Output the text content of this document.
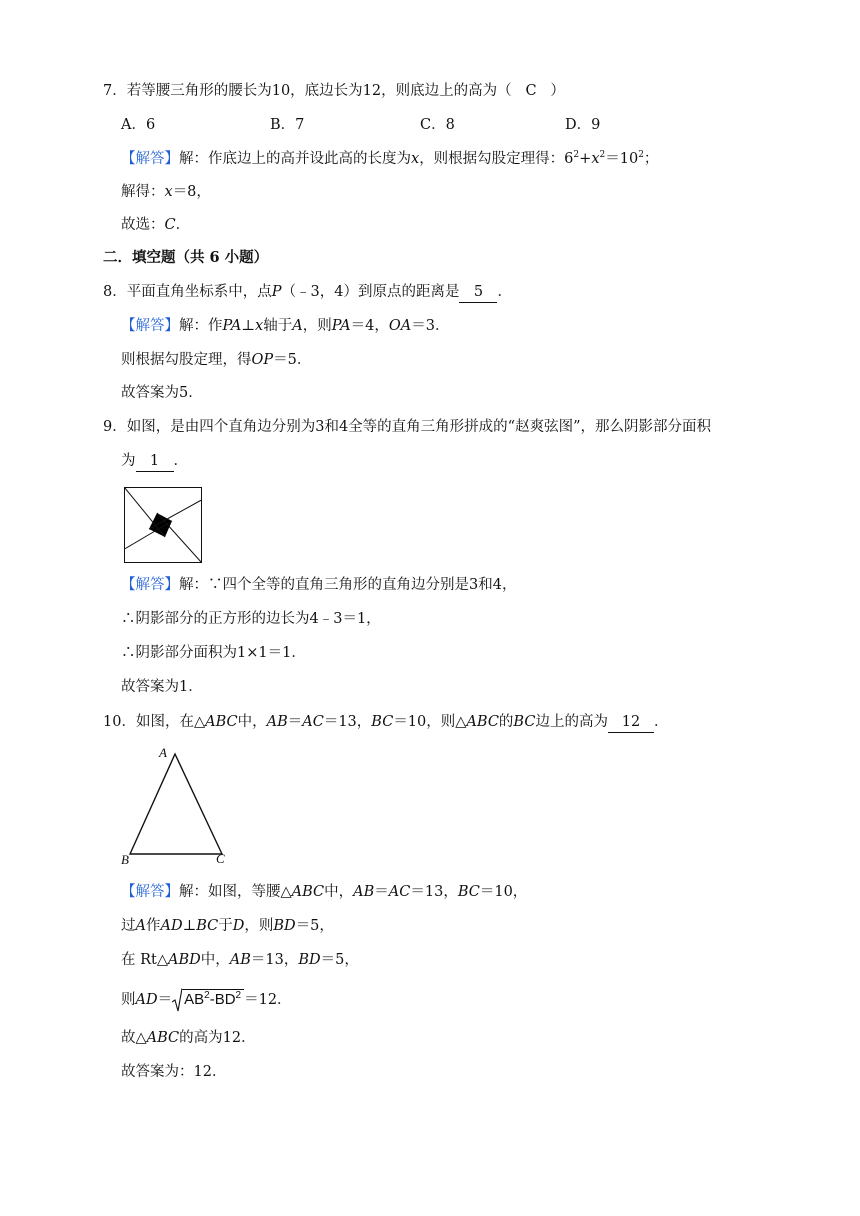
7．若等腰三角形的腰长为10，底边长为12，则底边上的高为（ C ）
A．6	B．7	C．8	D．9
【解答】解：作底边上的高并设此高的长度为x，则根据勾股定理得：$6^2+x^2=10^2$；
解得：x＝8，
故选：C．
二．填空题（共 6 小题）
8．平面直角坐标系中，点P（﹣3，4）到原点的距离是 5 ．
【解答】解：作PA⊥x轴于A，则PA＝4，OA＝3．
则根据勾股定理，得OP＝5．
故答案为5．
9．如图，是由四个直角边分别为3和4全等的直角三角形拼成的“赵爽弦图”，那么阴影部分面积
为 1 ．
【解答】解：∵四个全等的直角三角形的直角边分别是3和4，
∴阴影部分的正方形的边长为4﹣3＝1，
∴阴影部分面积为1×1＝1．
故答案为1．
10．如图，在△ABC中，AB＝AC＝13，BC＝10，则△ABC的BC边上的高为 12 ．
A
B	C
【解答】解：如图，等腰△ABC中，AB＝AC＝13，BC＝10，
过A作AD⊥BC于D，则BD＝5，
在 Rt△ABD中，AB＝13，BD＝5，
则$AD= AB^2-BD^2 =12$．
故△ABC的高为12．
故答案为：12．
